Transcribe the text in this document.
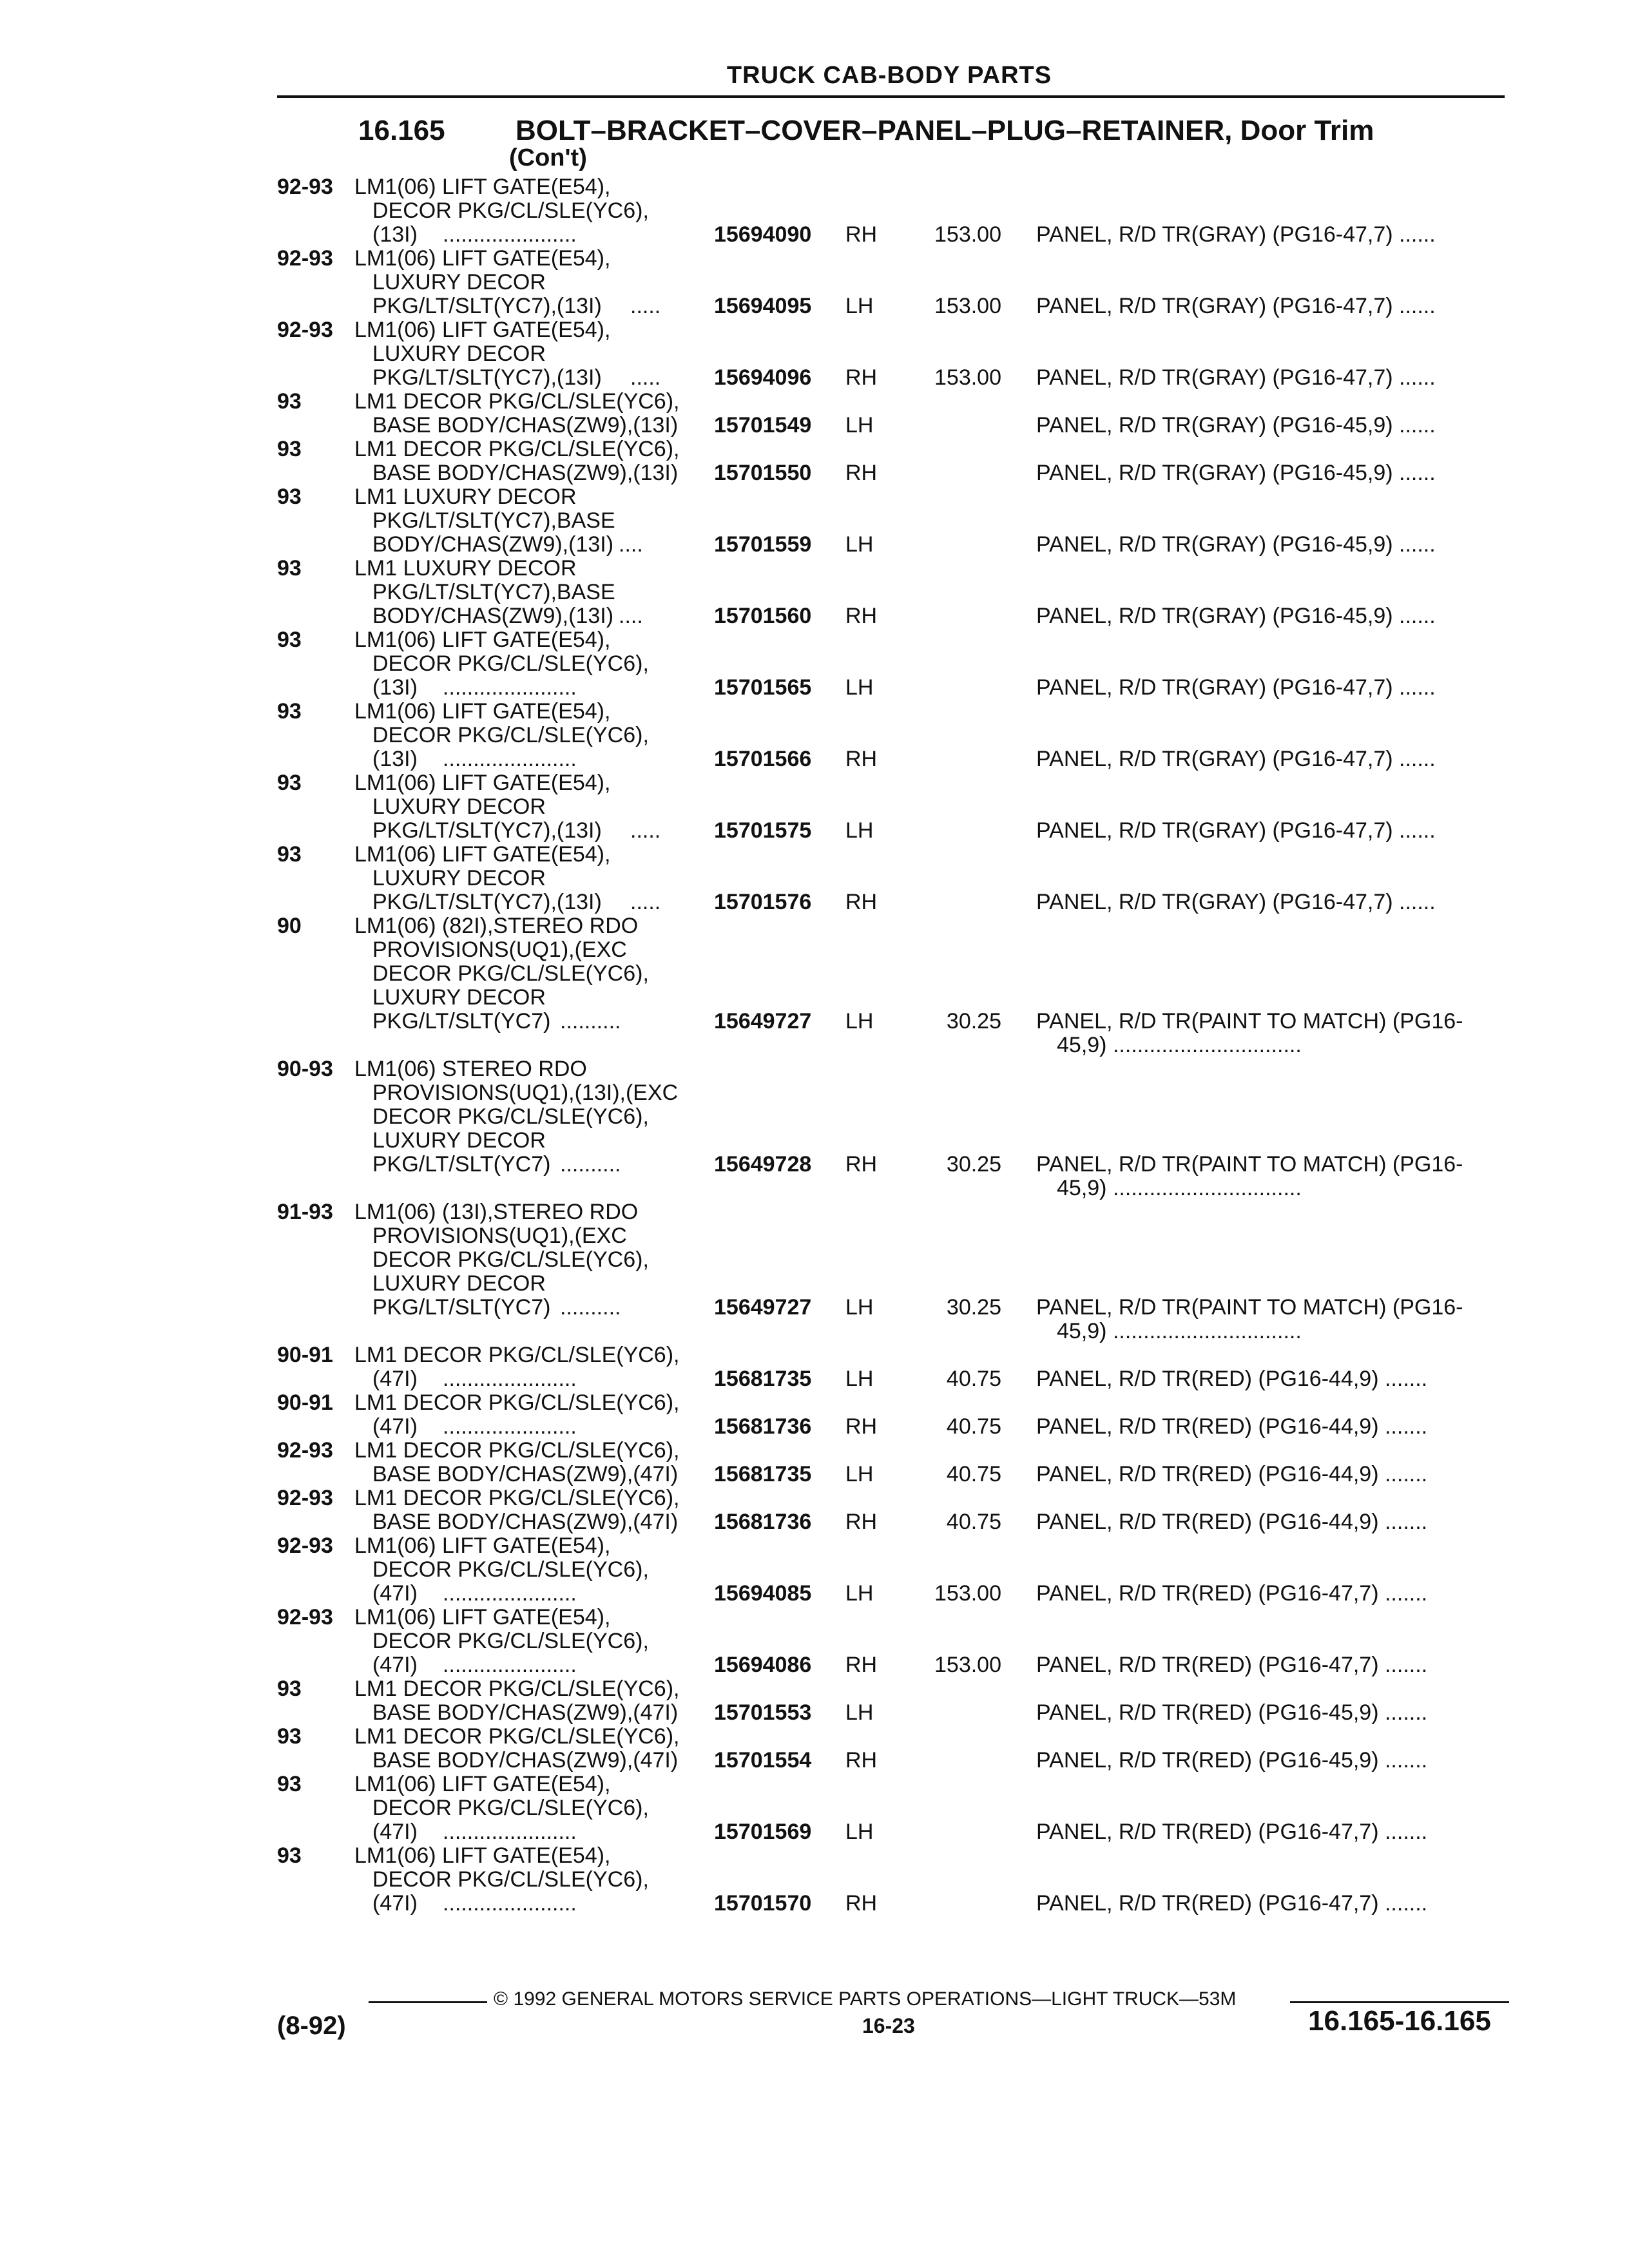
TRUCK CAB-BODY PARTS
16.165 BOLT–BRACKET–COVER–PANEL–PLUG–RETAINER, Door Trim
(Con't)
92-93 LM1(06) LIFT GATE(E54),
DECOR PKG/CL/SLE(YC6),
(13I) ......................	15694090 RH	153.00 PANEL, R/D TR(GRAY) (PG16-47,7) ......
92-93 LM1(06) LIFT GATE(E54),
LUXURY DECOR
PKG/LT/SLT(YC7),(13I) ..... 15694095 LH	153.00 PANEL, R/D TR(GRAY) (PG16-47,7) ......
92-93 LM1(06) LIFT GATE(E54),
LUXURY DECOR
PKG/LT/SLT(YC7),(13I) ..... 15694096 RH	153.00 PANEL, R/D TR(GRAY) (PG16-47,7) ......
93 LM1 DECOR PKG/CL/SLE(YC6),
BASE BODY/CHAS(ZW9),(13I) 15701549 LH	PANEL, R/D TR(GRAY) (PG16-45,9) ......
93 LM1 DECOR PKG/CL/SLE(YC6),
BASE BODY/CHAS(ZW9),(13I) 15701550 RH	PANEL, R/D TR(GRAY) (PG16-45,9) ......
93 LM1 LUXURY DECOR
PKG/LT/SLT(YC7),BASE
BODY/CHAS(ZW9),(13I) ....	15701559 LH	PANEL, R/D TR(GRAY) (PG16-45,9) ......
93 LM1 LUXURY DECOR
PKG/LT/SLT(YC7),BASE
BODY/CHAS(ZW9),(13I) ....	15701560 RH	PANEL, R/D TR(GRAY) (PG16-45,9) ......
93 LM1(06) LIFT GATE(E54),
DECOR PKG/CL/SLE(YC6),
(13I) ......................	15701565 LH	PANEL, R/D TR(GRAY) (PG16-47,7) ......
93 LM1(06) LIFT GATE(E54),
DECOR PKG/CL/SLE(YC6),
(13I) ......................	15701566 RH	PANEL, R/D TR(GRAY) (PG16-47,7) ......
93 LM1(06) LIFT GATE(E54),
LUXURY DECOR
PKG/LT/SLT(YC7),(13I) ..... 15701575 LH	PANEL, R/D TR(GRAY) (PG16-47,7) ......
93 LM1(06) LIFT GATE(E54),
LUXURY DECOR
PKG/LT/SLT(YC7),(13I) ..... 15701576 RH	PANEL, R/D TR(GRAY) (PG16-47,7) ......
90 LM1(06) (82I),STEREO RDO
PROVISIONS(UQ1),(EXC
DECOR PKG/CL/SLE(YC6),
LUXURY DECOR
PKG/LT/SLT(YC7) ..........	15649727 LH	30.25 PANEL, R/D TR(PAINT TO MATCH) (PG16-
45,9) ...............................
90-93 LM1(06) STEREO RDO
PROVISIONS(UQ1),(13I),(EXC
DECOR PKG/CL/SLE(YC6),
LUXURY DECOR
PKG/LT/SLT(YC7) ..........	15649728 RH	30.25 PANEL, R/D TR(PAINT TO MATCH) (PG16-
45,9) ...............................
91-93 LM1(06) (13I),STEREO RDO
PROVISIONS(UQ1),(EXC
DECOR PKG/CL/SLE(YC6),
LUXURY DECOR
PKG/LT/SLT(YC7) ..........	15649727 LH	30.25 PANEL, R/D TR(PAINT TO MATCH) (PG16-
45,9) ...............................
90-91 LM1 DECOR PKG/CL/SLE(YC6),
(47I) ......................	15681735 LH	40.75 PANEL, R/D TR(RED) (PG16-44,9) .......
90-91 LM1 DECOR PKG/CL/SLE(YC6),
(47I) ......................	15681736 RH	40.75 PANEL, R/D TR(RED) (PG16-44,9) .......
92-93 LM1 DECOR PKG/CL/SLE(YC6),
BASE BODY/CHAS(ZW9),(47I) 15681735 LH	40.75 PANEL, R/D TR(RED) (PG16-44,9) .......
92-93 LM1 DECOR PKG/CL/SLE(YC6),
BASE BODY/CHAS(ZW9),(47I) 15681736 RH	40.75 PANEL, R/D TR(RED) (PG16-44,9) .......
92-93 LM1(06) LIFT GATE(E54),
DECOR PKG/CL/SLE(YC6),
(47I) ......................	15694085 LH	153.00 PANEL, R/D TR(RED) (PG16-47,7) .......
92-93 LM1(06) LIFT GATE(E54),
DECOR PKG/CL/SLE(YC6),
(47I) ......................	15694086 RH	153.00 PANEL, R/D TR(RED) (PG16-47,7) .......
93 LM1 DECOR PKG/CL/SLE(YC6),
BASE BODY/CHAS(ZW9),(47I) 15701553 LH	PANEL, R/D TR(RED) (PG16-45,9) .......
93 LM1 DECOR PKG/CL/SLE(YC6),
BASE BODY/CHAS(ZW9),(47I) 15701554 RH	PANEL, R/D TR(RED) (PG16-45,9) .......
93 LM1(06) LIFT GATE(E54),
DECOR PKG/CL/SLE(YC6),
(47I) ......................	15701569 LH	PANEL, R/D TR(RED) (PG16-47,7) .......
93 LM1(06) LIFT GATE(E54),
DECOR PKG/CL/SLE(YC6),
(47I) ......................	15701570 RH	PANEL, R/D TR(RED) (PG16-47,7) .......
© 1992 GENERAL MOTORS SERVICE PARTS OPERATIONS—LIGHT TRUCK—53M
(8-92)	16-23	16.165-16.165
